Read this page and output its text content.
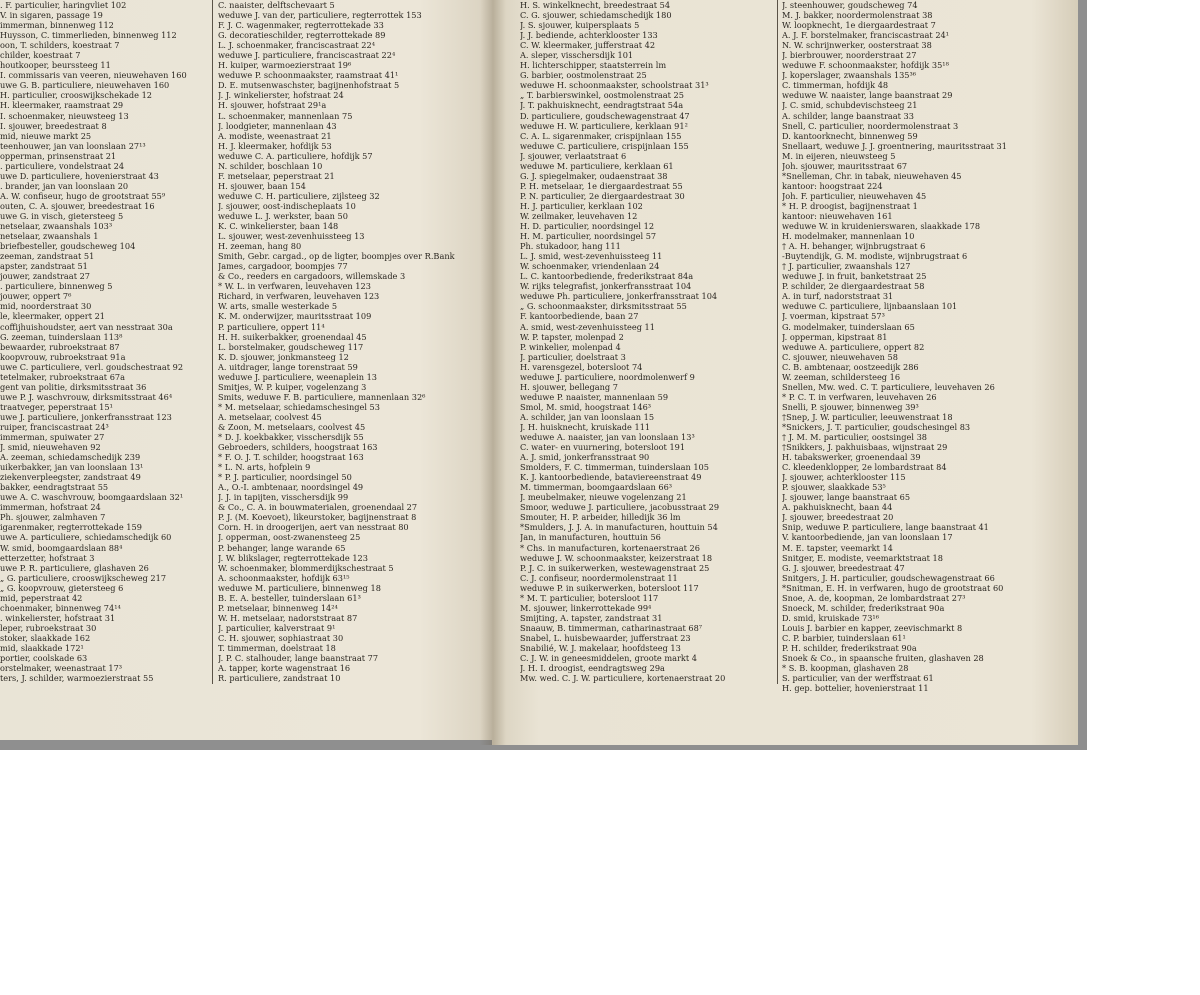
. F. particulier, haringvliet 102
V. in sigaren, passage 19
immerman, binnenweg 112
Huysson, C. timmerlieden, binnenweg 112
oon, T. schilders, koestraat 7
childer, koestraat 7
houtkooper, beurssteeg 11
I. commissaris van veeren, nieuwehaven 160
uwe G. B. particuliere, nieuwehaven 160
H. particulier, crooswijkschekade 12
H. kleermaker, raamstraat 29
I. schoenmaker, nieuwsteeg 13
I. sjouwer, breedestraat 8
mid, nieuwe markt 25
teenhouwer, jan van loonslaan 27¹³
opperman, prinsenstraat 21
. particuliere, vondelstraat 24
uwe D. particuliere, hovenierstraat 43
. brander, jan van loonslaan 20
A. W. confiseur, hugo de grootstraat 55⁹
outen, C. A. sjouwer, breedestraat 16
uwe G. in visch, gietersteeg 5
netselaar, zwaanshals 103³
netselaar, zwaanshals 1
briefbesteller, goudscheweg 104
zeeman, zandstraat 51
apster, zandstraat 51
jouwer, zandstraat 27
. particuliere, binnenweg 5
jouwer, oppert 7⁶
mid, noorderstraat 30
le, kleermaker, oppert 21
coffijhuishoudster, aert van nesstraat 30a
G. zeeman, tuinderslaan 113⁸
bewaarder, rubroekstraat 87
koopvrouw, rubroekstraat 91a
uwe C. particuliere, verl. goudschestraat 92
tetelmaker, rubroekstraat 67a
gent van politie, dirksmitsstraat 36
uwe P. J. waschvrouw, dirksmitsstraat 46⁴
traatveger, peperstraat 15¹
uwe J. particuliere, jonkerfransstraat 123
ruiper, franciscastraat 24³
immerman, spuiwater 27
J. smid, nieuwehaven 92
A. zeeman, schiedamschedijk 239
uikerbakker, jan van loonslaan 13¹
ziekenverpleegster, zandstraat 49
bakker, eendragtstraat 55
uwe A. C. waschvrouw, boomgaardslaan 32¹
immerman, hofstraat 24
Ph. sjouwer, zalmhaven 7
igarenmaker, regterrottekade 159
uwe A. particuliere, schiedamschedijk 60
W. smid, boomgaardslaan 88⁴
etterzetter, hofstraat 3
uwe P. R. particuliere, glashaven 26
„ G. particuliere, crooswijkscheweg 217
„ G. koopvrouw, gietersteeg 6
mid, peperstraat 42
choenmaker, binnenweg 74¹⁴
. winkelierster, hofstraat 31
leper, rubroekstraat 30
stoker, slaakkade 162
mid, slaakkade 172¹
portier, coolskade 63
orstelmaker, weenastraat 17³
ters, J. schilder, warmoezierstraat 55
C. naaister, delftschevaart 5
weduwe J. van der, particuliere, regterrottek 153
F. J. C. wagenmaker, regterrottekade 33
G. decoratieschilder, regterrottekade 89
L. J. schoenmaker, franciscastraat 22⁴
weduwe J. particuliere, franciscastraat 22⁴
H. kuiper, warmoezierstraat 19⁶
weduwe P. schoonmaakster, raamstraat 41¹
D. E. mutsenwaschster, bagijnenhofstraat 5
J. J. winkelierster, hofstraat 24
H. sjouwer, hofstraat 29¹a
L. schoenmaker, mannenlaan 75
J. loodgieter, mannenlaan 43
A. modiste, weenastraat 21
H. J. kleermaker, hofdijk 53
weduwe C. A. particuliere, hofdijk 57
N. schilder, boschlaan 10
F. metselaar, peperstraat 21
H. sjouwer, baan 154
weduwe C. H. particuliere, zijlsteeg 32
J. sjouwer, oost-indischeplaats 10
weduwe L. J. werkster, baan 50
K. C. winkelierster, baan 148
L. sjouwer, west-zevenhuissteeg 13
H. zeeman, hang 80
Smith, Gebr. cargad., op de ligter, boompjes over R.Bank
James, cargadoor, boompjes 77
& Co., reeders en cargadoors, willemskade 3
* W. L. in verfwaren, leuvehaven 123
Richard, in verfwaren, leuvehaven 123
W. arts, smalle westerkade 5
K. M. onderwijzer, mauritsstraat 109
P. particuliere, oppert 11⁴
H. H. suikerbakker, groenendaal 45
L. borstelmaker, goudscheweg 117
K. D. sjouwer, jonkmansteeg 12
A. uitdrager, lange torenstraat 59
weduwe J. particuliere, weenaplein 13
Smitjes, W. P. kuiper, vogelenzang 3
Smits, weduwe F. B. particuliere, mannenlaan 32⁶
* M. metselaar, schiedamschesingel 53
A. metselaar, coolvest 45
& Zoon, M. metselaars, coolvest 45
* D. J. koekbakker, visschersdijk 55
Gebroeders, schilders, hoogstraat 163
* F. O. J. T. schilder, hoogstraat 163
* L. N. arts, hofplein 9
* P. J. particulier, noordsingel 50
A., O.-I. ambtenaar, noordsingel 49
J. J. in tapijten, visschersdijk 99
& Co., C. A. in bouwmaterialen, groenendaal 27
P. J. (M. Koevoet), likeurstoker, bagijnenstraat 8
Corn. H. in droogerijen, aert van nesstraat 80
J. opperman, oost-zwanensteeg 25
P. behanger, lange warande 65
J. W. blikslager, regterrottekade 123
W. schoenmaker, blommerdijkschestraat 5
A. schoonmaakster, hofdijk 63¹⁵
weduwe M. particuliere, binnenweg 18
B. E. A. besteller, tuinderslaan 61³
P. metselaar, binnenweg 14²⁴
W. H. metselaar, nadorststraat 87
J. particulier, kalverstraat 9¹
C. H. sjouwer, sophiastraat 30
T. timmerman, doelstraat 18
J. P. C. stalhouder, lange baanstraat 77
A. tapper, korte wagenstraat 16
R. particuliere, zandstraat 10
H. S. winkelknecht, breedestraat 54
C. G. sjouwer, schiedamschedijk 180
J. S. sjouwer, kuipersplaats 5
J. J. bediende, achterklooster 133
C. W. kleermaker, jufferstraat 42
A. sleper, visschersdijk 101
H. lichterschipper, staatsterrein lm
G. barbier, oostmolenstraat 25
weduwe H. schoonmaakster, schoolstraat 31³
„ T. barbierswinkel, oostmolenstraat 25
J. T. pakhuisknecht, eendragtstraat 54a
D. particuliere, goudschewagenstraat 47
weduwe H. W. particuliere, kerklaan 91²
C. A. L. sigarenmaker, crispijnlaan 155
weduwe C. particuliere, crispijnlaan 155
J. sjouwer, verlaatstraat 6
weduwe M. particuliere, kerklaan 61
G. J. spiegelmaker, oudaenstraat 38
P. H. metselaar, 1e diergaardestraat 55
P. N. particulier, 2e diergaardestraat 30
H. J. particulier, kerklaan 102
W. zeilmaker, leuvehaven 12
H. D. particulier, noordsingel 12
H. M. particulier, noordsingel 57
Ph. stukadoor, hang 111
L. J. smid, west-zevenhuissteeg 11
W. schoenmaker, vriendenlaan 24
L. C. kantoorbediende, frederikstraat 84a
W. rijks telegrafist, jonkerfransstraat 104
weduwe Ph. particuliere, jonkerfransstraat 104
„ G. schoonmaakster, dirksmitsstraat 55
F. kantoorbediende, baan 27
A. smid, west-zevenhuissteeg 11
W. P. tapster, molenpad 2
P. winkelier, molenpad 4
J. particulier, doelstraat 3
H. varensgezel, botersloot 74
weduwe J. particuliere, noordmolenwerf 9
H. sjouwer, bellegang 7
weduwe P. naaister, mannenlaan 59
Smol, M. smid, hoogstraat 146³
A. schilder, jan van loonslaan 15
J. H. huisknecht, kruiskade 111
weduwe A. naaister, jan van loonslaan 13³
C. water- en vuurnering, botersloot 191
A. J. smid, jonkerfransstraat 90
Smolders, F. C. timmerman, tuinderslaan 105
K. J. kantoorbediende, bataviereenstraat 49
M. timmerman, boomgaardslaan 66³
J. meubelmaker, nieuwe vogelenzang 21
Smoor, weduwe J. particuliere, jacobusstraat 29
Smouter, H. P. arbeider, hilledijk 36 lm
*Smulders, J. J. A. in manufacturen, houttuin 54
Jan, in manufacturen, houttuin 56
* Chs. in manufacturen, kortenaerstraat 26
weduwe J. W. schoonmaakster, keizerstraat 18
P. J. C. in suikerwerken, westewagenstraat 25
C. J. confiseur, noordermolenstraat 11
weduwe P. in suikerwerken, botersloot 117
* M. T. particulier, botersloot 117
M. sjouwer, linkerrottekade 99⁴
Smijting, A. tapster, zandstraat 31
Snaauw, B. timmerman, catharinastraat 68⁷
Snabel, L. huisbewaarder, jufferstraat 23
Snabilié, W. J. makelaar, hoofdsteeg 13
C. J. W. in geneesmiddelen, groote markt 4
J. H. I. droogist, eendragtsweg 29a
Mw. wed. C. J. W. particuliere, kortenaerstraat 20
J. steenhouwer, goudscheweg 74
M. J. bakker, noordermolenstraat 38
W. loopknecht, 1e diergaardestraat 7
A. J. F. borstelmaker, franciscastraat 24¹
N. W. schrijnwerker, oosterstraat 38
J. bierbrouwer, noorderstraat 27
weduwe F. schoonmaakster, hofdijk 35¹⁸
J. koperslager, zwaanshals 135³⁶
C. timmerman, hofdijk 48
weduwe W. naaister, lange baanstraat 29
J. C. smid, schubdevischsteeg 21
A. schilder, lange baanstraat 33
Snell, C. particulier, noordermolenstraat 3
D. kantoorknecht, binnenweg 59
Snellaart, weduwe J. J. groentnering, mauritsstraat 31
M. in eijeren, nieuwsteeg 5
Joh. sjouwer, mauritsstraat 67
*Snelleman, Chr. in tabak, nieuwehaven 45
kantoor: hoogstraat 224
Joh. F. particulier, nieuwehaven 45
* H. P. droogist, bagijnenstraat 1
kantoor: nieuwehaven 161
weduwe W. in kruidenierswaren, slaakkade 178
H. modelmaker, mannenlaan 10
† A. H. behanger, wijnbrugstraat 6
-Buytendijk, G. M. modiste, wijnbrugstraat 6
† J. particulier, zwaanshals 127
weduwe J. in fruit, banketstraat 25
P. schilder, 2e diergaardestraat 58
A. in turf, nadorststraat 31
weduwe C. particuliere, lijnbaanslaan 101
J. voerman, kipstraat 57³
G. modelmaker, tuinderslaan 65
J. opperman, kipstraat 81
weduwe A. particuliere, oppert 82
C. sjouwer, nieuwehaven 58
C. B. ambtenaar, oostzeedijk 286
W. zeeman, schildersteeg 16
Snellen, Mw. wed. C. T. particuliere, leuvehaven 26
* P. C. T. in verfwaren, leuvehaven 26
Snelli, P. sjouwer, binnenweg 39³
†Snep, J. W. particulier, leeuwenstraat 18
*Snickers, J. T. particulier, goudschesingel 83
† J. M. M. particulier, oostsingel 38
†Snikkers, J. pakhuisbaas, wijnstraat 29
H. tabakswerker, groenendaal 39
C. kleedenklopper, 2e lombardstraat 84
J. sjouwer, achterklooster 115
P. sjouwer, slaakkade 53⁵
J. sjouwer, lange baanstraat 65
A. pakhuisknecht, baan 44
J. sjouwer, breedestraat 20
Snip, weduwe P. particuliere, lange baanstraat 41
V. kantoorbediende, jan van loonslaan 17
M. E. tapster, veemarkt 14
Snitger, E. modiste, veemarktstraat 18
G. J. sjouwer, breedestraat 47
Snitgers, J. H. particulier, goudschewagenstraat 66
*Snitman, E. H. in verfwaren, hugo de grootstraat 60
Snoe, A. de, koopman, 2e lombardstraat 27³
Snoeck, M. schilder, frederikstraat 90a
D. smid, kruiskade 73¹⁶
Louis J. barbier en kapper, zeevischmarkt 8
C. P. barbier, tuinderslaan 61¹
P. H. schilder, frederikstraat 90a
Snoek & Co., in spaansche fruiten, glashaven 28
* S. B. koopman, glashaven 28
S. particulier, van der werffstraat 61
H. gep. bottelier, hovenierstraat 11
